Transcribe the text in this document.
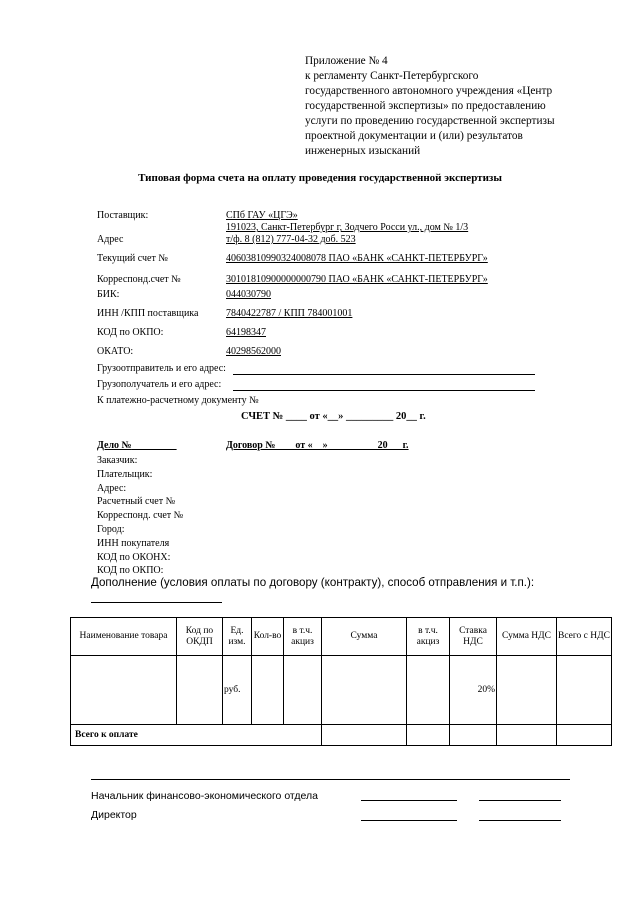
Приложение № 4
к регламенту Санкт-Петербургского
государственного автономного учреждения «Центр
государственной экспертизы» по предоставлению
услуги по проведению государственной экспертизы
проектной документации и (или) результатов
инженерных изысканий
Типовая форма счета на оплату проведения государственной экспертизы
Поставщик:	СПб ГАУ «ЦГЭ»
191023, Санкт-Петербург г, Зодчего Росси ул., дом № 1/3
Адрес	т/ф. 8 (812) 777-04-32 доб. 523
Текущий счет №	40603810990324008078 ПАО «БАНК «САНКТ-ПЕТЕРБУРГ»
Корреспонд.счет №	30101810900000000790 ПАО «БАНК «САНКТ-ПЕТЕРБУРГ»
БИК:	044030790
ИНН /КПП поставщика	7840422787 / КПП 784001001
КОД по ОКПО:	64198347
ОКАТО:	40298562000
Грузоотправитель и его адрес:
Грузополучатель и его адрес:
К платежно-расчетному документу №
СЧЕТ № ____ от «__» _________ 20__ г.
Дело №	Договор №        от «    »                    20      г.
Заказчик:
Плательщик:
Адрес:
Расчетный счет №
Корреспонд. счет №
Город:
ИНН покупателя
КОД по ОКОНХ:
КОД по ОКПО:
Дополнение (условия оплаты по договору (контракту), способ отправления и т.п.):
Наименование товара	Код по ОКДП	Ед. изм.	Кол-во	в т.ч. акциз	Сумма	в т.ч. акциз	Ставка НДС	Сумма НДС	Всего с НДС
		руб.					20%		
Всего к оплате									
Начальник финансово-экономического отдела
Директор
